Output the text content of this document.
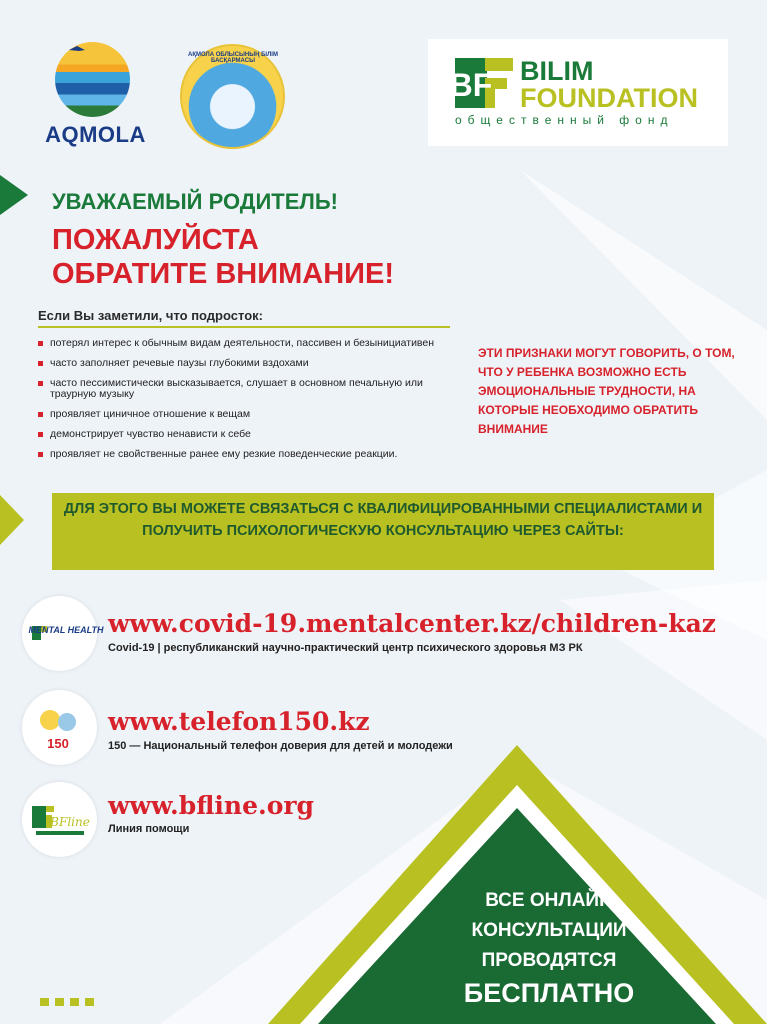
AQMOLA
АҚМОЛА ОБЛЫСЫНЫҢ БІЛІМ БАСҚАРМАСЫ
BF BILIM
FOUNDATION
общественный фонд
УВАЖАЕМЫЙ РОДИТЕЛЬ!
ПОЖАЛУЙСТА
ОБРАТИТЕ ВНИМАНИЕ!
Если Вы заметили, что подросток:
потерял интерес к обычным видам деятельности, пассивен и безынициативен
часто заполняет речевые паузы глубокими вздохами
часто пессимистически высказывается, слушает в основном печальную или траурную музыку
проявляет циничное отношение к вещам
демонстрирует чувство ненависти к себе
проявляет не свойственные ранее ему резкие поведенческие реакции.
ЭТИ ПРИЗНАКИ МОГУТ ГОВОРИТЬ, О ТОМ, ЧТО У РЕБЕНКА ВОЗМОЖНО ЕСТЬ ЭМОЦИОНАЛЬНЫЕ ТРУДНОСТИ, НА КОТОРЫЕ НЕОБХОДИМО ОБРАТИТЬ ВНИМАНИЕ
ДЛЯ ЭТОГО ВЫ МОЖЕТЕ СВЯЗАТЬСЯ С КВАЛИФИЦИРОВАННЫМИ СПЕЦИАЛИСТАМИ И ПОЛУЧИТЬ ПСИХОЛОГИЧЕСКУЮ КОНСУЛЬТАЦИЮ ЧЕРЕЗ САЙТЫ:
MENTAL HEALTH www.covid-19.mentalcenter.kz/children-kaz
Covid-19 | республиканский научно-практический центр психического здоровья МЗ РК
150
www.telefon150.kz
150 — Национальный телефон доверия для детей и молодежи
BFline
www.bfline.org
Линия помощи
ВСЕ ОНЛАЙН
КОНСУЛЬТАЦИИ
ПРОВОДЯТСЯ
БЕСПЛАТНО
